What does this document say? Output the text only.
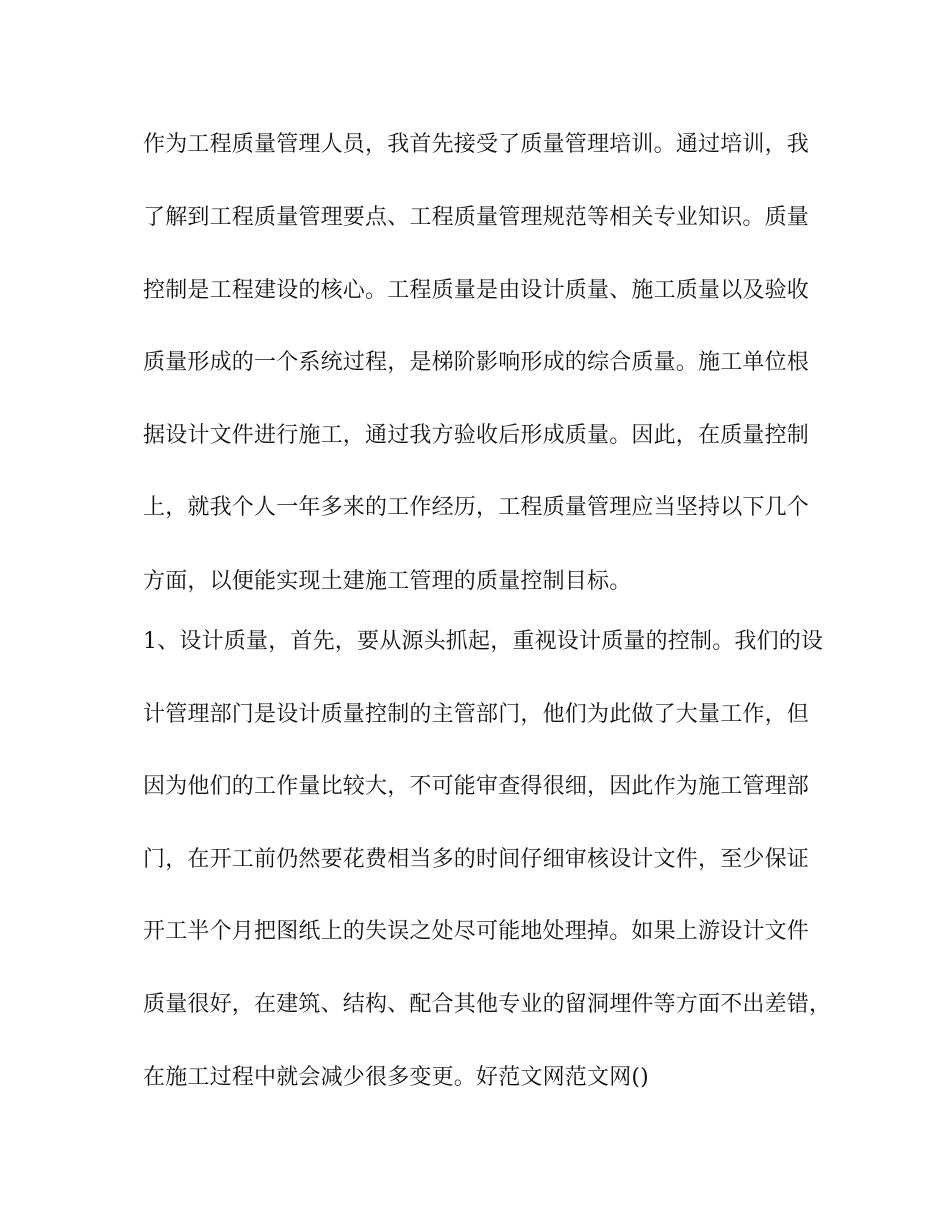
作为工程质量管理人员，我首先接受了质量管理培训。通过培训，我
了解到工程质量管理要点、工程质量管理规范等相关专业知识。质量
控制是工程建设的核心。工程质量是由设计质量、施工质量以及验收
质量形成的一个系统过程，是梯阶影响形成的综合质量。施工单位根
据设计文件进行施工，通过我方验收后形成质量。因此，在质量控制
上，就我个人一年多来的工作经历，工程质量管理应当坚持以下几个
方面，以便能实现土建施工管理的质量控制目标。
1、设计质量，首先，要从源头抓起，重视设计质量的控制。我们的设
计管理部门是设计质量控制的主管部门，他们为此做了大量工作，但
因为他们的工作量比较大，不可能审查得很细，因此作为施工管理部
门，在开工前仍然要花费相当多的时间仔细审核设计文件，至少保证
开工半个月把图纸上的失误之处尽可能地处理掉。如果上游设计文件
质量很好，在建筑、结构、配合其他专业的留洞埋件等方面不出差错，
在施工过程中就会减少很多变更。好范文网范文网()
